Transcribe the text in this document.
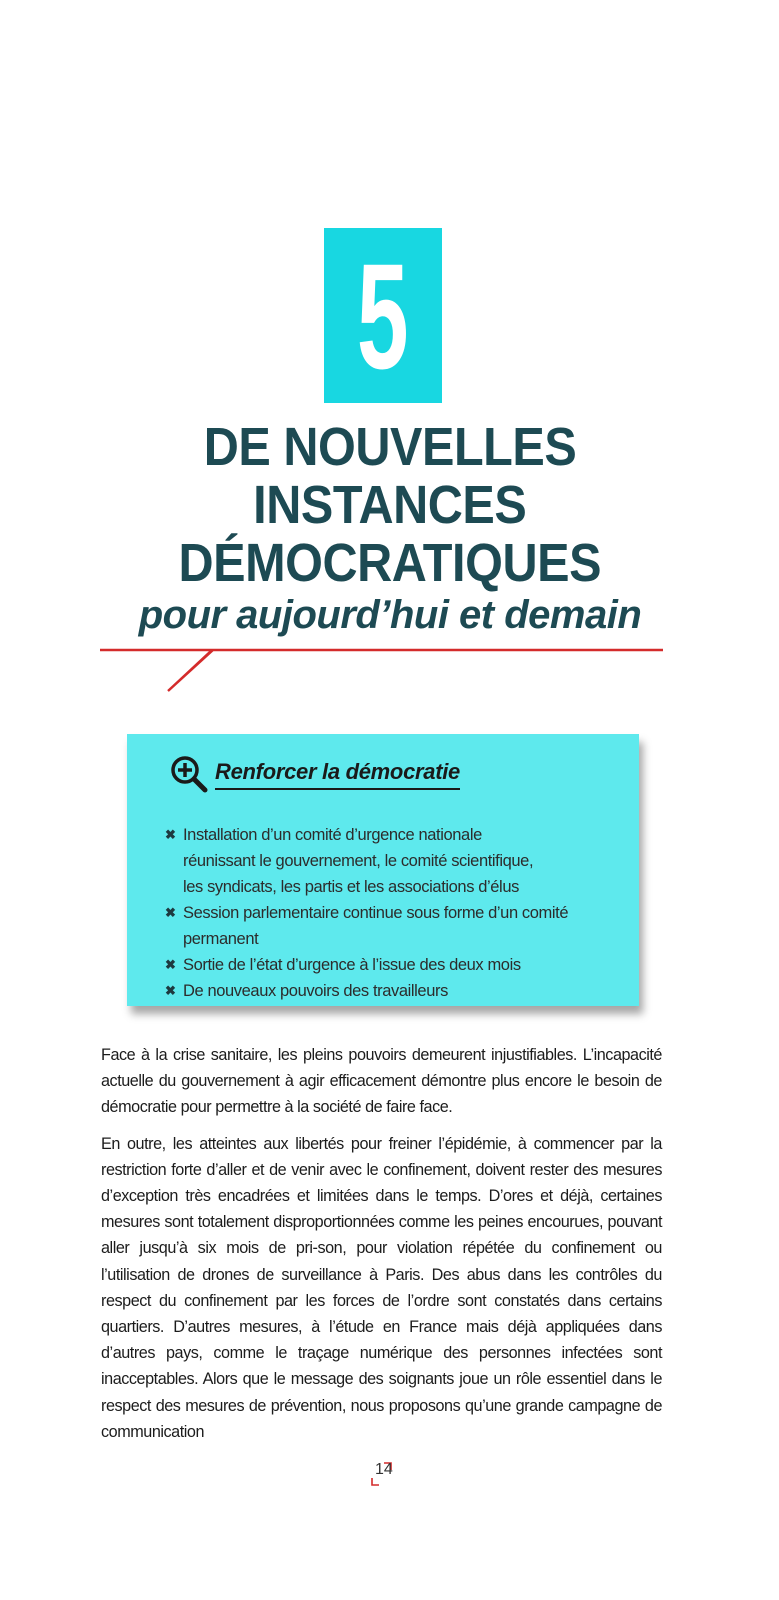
5
DE NOUVELLES
INSTANCES
DÉMOCRATIQUES
pour aujourd’hui et demain
Renforcer la démocratie
✖ Installation d’un comité d’urgence nationale
réunissant le gouvernement, le comité scientifique,
les syndicats, les partis et les associations d’élus
✖ Session parlementaire continue sous forme d’un comité permanent
✖ Sortie de l’état d’urgence à l’issue des deux mois
✖ De nouveaux pouvoirs des travailleurs

Face à la crise sanitaire, les pleins pouvoirs demeurent injustifiables. L’incapacité actuelle du gouvernement à agir efficacement démontre plus encore le besoin de démocratie pour permettre à la société de faire face.

En outre, les atteintes aux libertés pour freiner l’épidémie, à commencer par la restriction forte d’aller et de venir avec le confinement, doivent rester des mesures d’exception très encadrées et limitées dans le temps. D’ores et déjà, certaines mesures sont totalement disproportionnées comme les peines encourues, pouvant aller jusqu’à six mois de pri-son, pour violation répétée du confinement ou l’utilisation de drones de surveillance à Paris. Des abus dans les contrôles du respect du confinement par les forces de l’ordre sont constatés dans certains quartiers. D’autres mesures, à l’étude en France mais déjà appliquées dans d’autres pays, comme le traçage numérique des personnes infectées sont inacceptables. Alors que le message des soignants joue un rôle essentiel dans le respect des mesures de prévention, nous proposons qu’une grande campagne de communication

14
